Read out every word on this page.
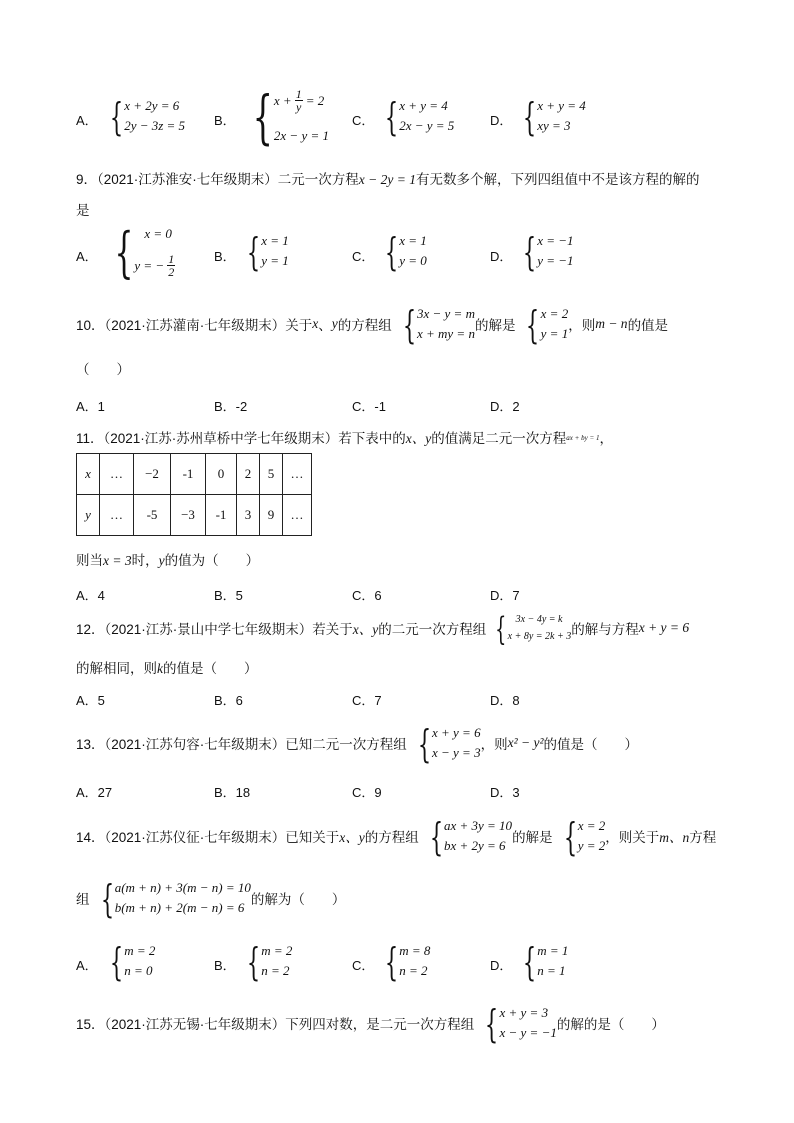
A． { x + 2y = 6
2y − 3z = 5 B． { $x + \frac{1}{y} = 2$
2x − y = 1
C． { x + y = 4
2x − y = 5	D． { x + y = 4
xy = 3
9．（2021·江苏淮安·七年级期末）二元一次方程x − 2y = 1有无数多个解，下列四组值中不是该方程的解的
是
A． { x = 0
y = − $\frac{1}{2}$	B． { x = 1
y = 1	C． { x = 1
y = 0	D． { x = −1
y = −1
10．（2021·江苏灌南·七年级期末）关于 x 、 y 的方程组 { 3x − y = m
x + my = n
的解是 { x = 2
y = 1
，则 m − n 的值是
（　　）
A．1	B．-2	C．-1	D．2
11．（2021·江苏·苏州草桥中学七年级期末）若下表中的x、y的值满足二元一次方程$^{ax + by = 1}$，
x	…	−2	-1	0	2	5	…
y	…	-5	−3	-1	3	9	…
则当x = 3时，y的值为（　　）
A．4	B．5	C．6	D．7
12．（2021·江苏·景山中学七年级期末）若关于 x、y 的二元一次方程组 { 3x − 4y = k
x + 8y = 2k + 3 的解与方程 x + y = 6
的解相同，则k的值是（　　）
A．5	B．6	C．7	D．8
13．（2021·江苏句容·七年级期末）已知二元一次方程组 { x + y = 6
x − y = 3
，则 x² − y² 的值是（　　）
A．27	B．18	C．9	D．3
14．（2021·江苏仪征·七年级期末）已知关于 x、y 的方程组 { ax + 3y = 10
bx + 2y = 6
的解是 { x = 2
y = 2
，则关于 m、n 方程
组 { a(m + n) + 3(m − n) = 10
b(m + n) + 2(m − n) = 6
的解为（　　）
A． { m = 2
n = 0	B． { m = 2
n = 2	C． { m = 8
n = 2	D． { m = 1
n = 1
15．（2021·江苏无锡·七年级期末）下列四对数，是二元一次方程组 { x + y = 3
x − y = −1
的解的是（　　）
